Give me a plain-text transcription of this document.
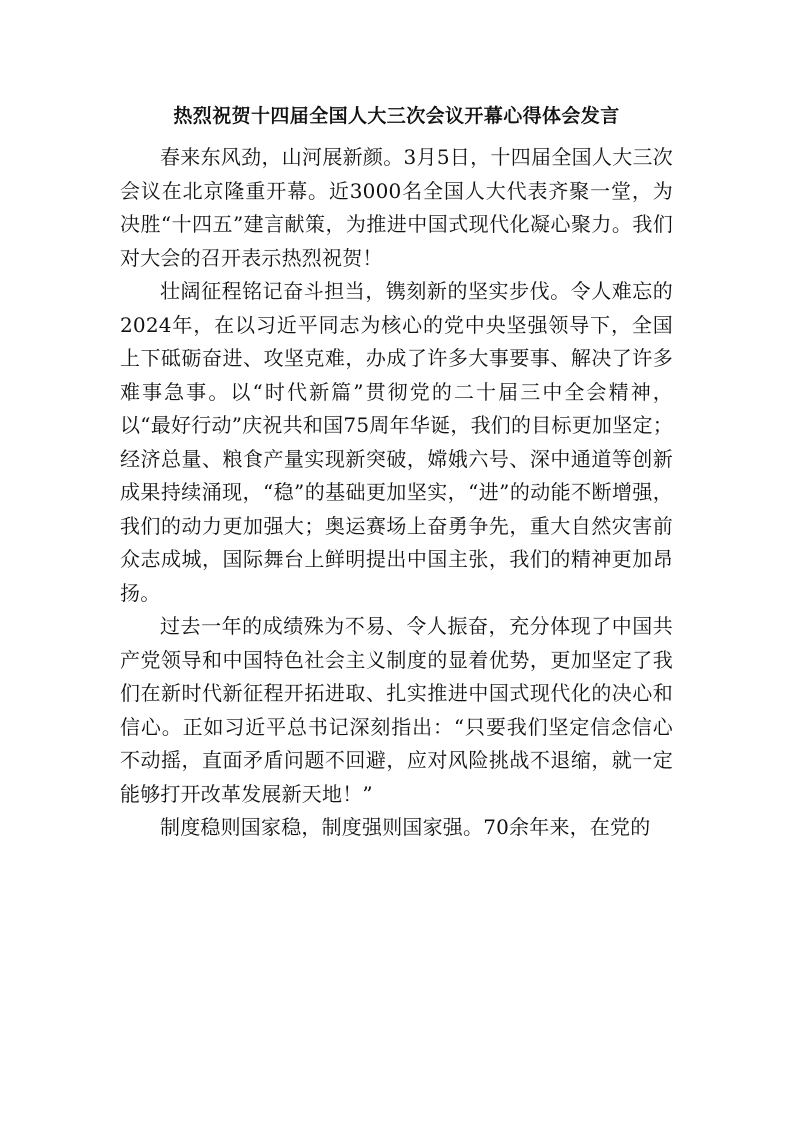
热烈祝贺十四届全国人大三次会议开幕心得体会发言

春来东风劲，山河展新颜。3月5日，十四届全国人大三次会议在北京隆重开幕。近3000名全国人大代表齐聚一堂，为决胜“十四五”建言献策，为推进中国式现代化凝心聚力。我们对大会的召开表示热烈祝贺！

壮阔征程铭记奋斗担当，镌刻新的坚实步伐。令人难忘的2024年，在以习近平同志为核心的党中央坚强领导下，全国上下砥砺奋进、攻坚克难，办成了许多大事要事、解决了许多难事急事。以“时代新篇”贯彻党的二十届三中全会精神，以“最好行动”庆祝共和国75周年华诞，我们的目标更加坚定；经济总量、粮食产量实现新突破，嫦娥六号、深中通道等创新成果持续涌现，“稳”的基础更加坚实，“进”的动能不断增强，我们的动力更加强大；奥运赛场上奋勇争先，重大自然灾害前众志成城，国际舞台上鲜明提出中国主张，我们的精神更加昂扬。

过去一年的成绩殊为不易、令人振奋，充分体现了中国共产党领导和中国特色社会主义制度的显着优势，更加坚定了我们在新时代新征程开拓进取、扎实推进中国式现代化的决心和信心。正如习近平总书记深刻指出：“只要我们坚定信念信心不动摇，直面矛盾问题不回避，应对风险挑战不退缩，就一定能够打开改革发展新天地！”

制度稳则国家稳，制度强则国家强。70余年来，在党的
